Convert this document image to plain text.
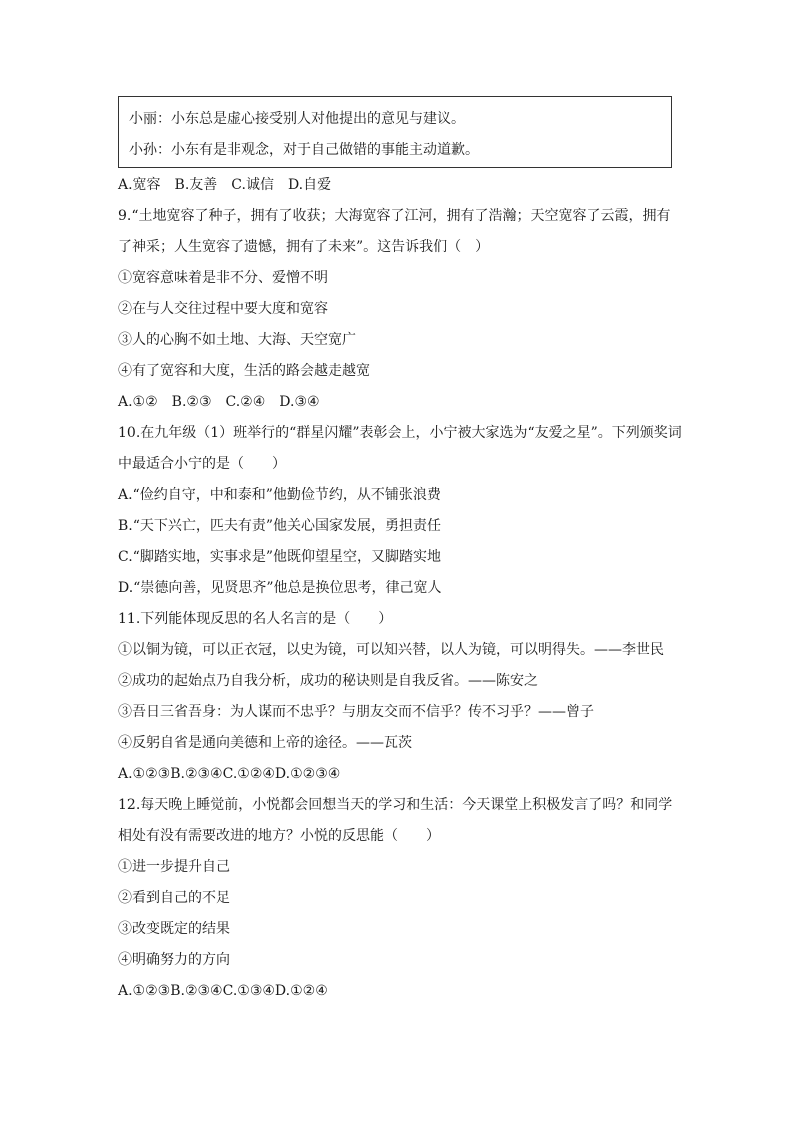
小丽：小东总是虚心接受别人对他提出的意见与建议。
小孙：小东有是非观念，对于自己做错的事能主动道歉。
A.宽容　B.友善　C.诚信　D.自爱
9.“土地宽容了种子，拥有了收获；大海宽容了江河，拥有了浩瀚；天空宽容了云霞，拥有
了神采；人生宽容了遗憾，拥有了未来”。这告诉我们（　）
①宽容意味着是非不分、爱憎不明
②在与人交往过程中要大度和宽容
③人的心胸不如土地、大海、天空宽广
④有了宽容和大度，生活的路会越走越宽
A.①②　B.②③　C.②④　D.③④
10.在九年级（1）班举行的“群星闪耀”表彰会上，小宁被大家选为“友爱之星”。下列颁奖词
中最适合小宁的是（　　）
A.“俭约自守，中和泰和”他勤俭节约，从不铺张浪费
B.“天下兴亡，匹夫有责”他关心国家发展，勇担责任
C.“脚踏实地，实事求是”他既仰望星空，又脚踏实地
D.“崇德向善，见贤思齐”他总是换位思考，律己宽人
11.下列能体现反思的名人名言的是（　　）
①以铜为镜，可以正衣冠，以史为镜，可以知兴替，以人为镜，可以明得失。——李世民
②成功的起始点乃自我分析，成功的秘诀则是自我反省。——陈安之
③吾日三省吾身：为人谋而不忠乎？与朋友交而不信乎？传不习乎？——曾子
④反躬自省是通向美德和上帝的途径。——瓦茨
A.①②③B.②③④C.①②④D.①②③④
12.每天晚上睡觉前，小悦都会回想当天的学习和生活：今天课堂上积极发言了吗？和同学
相处有没有需要改进的地方？小悦的反思能（　　）
①进一步提升自己
②看到自己的不足
③改变既定的结果
④明确努力的方向
A.①②③B.②③④C.①③④D.①②④
